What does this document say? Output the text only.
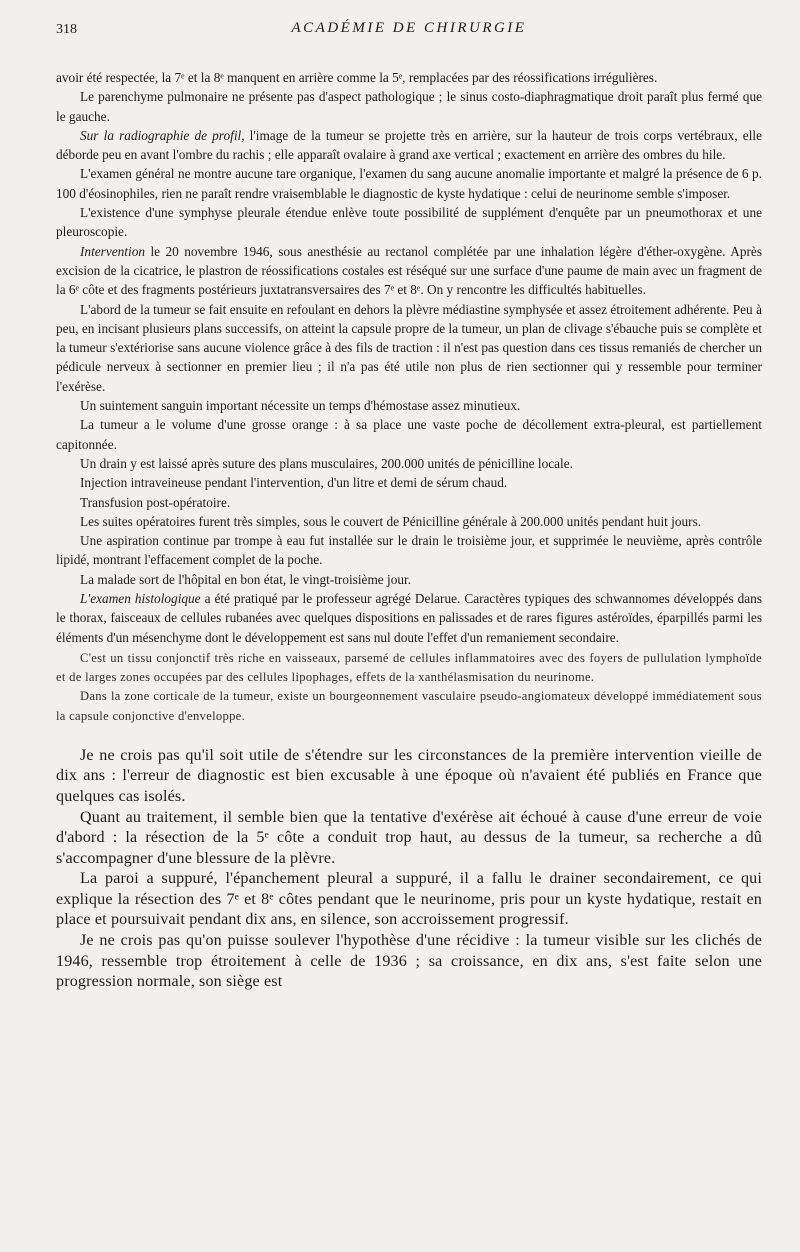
318	ACADÉMIE DE CHIRURGIE

avoir été respectée, la 7ᵉ et la 8ᵉ manquent en arrière comme la 5ᵉ, remplacées par des réossifications irrégulières.

Le parenchyme pulmonaire ne présente pas d'aspect pathologique ; le sinus costo-diaphragmatique droit paraît plus fermé que le gauche.

Sur la radiographie de profil, l'image de la tumeur se projette très en arrière, sur la hauteur de trois corps vertébraux, elle déborde peu en avant l'ombre du rachis ; elle apparaît ovalaire à grand axe vertical ; exactement en arrière des ombres du hile.

L'examen général ne montre aucune tare organique, l'examen du sang aucune anomalie importante et malgré la présence de 6 p. 100 d'éosinophiles, rien ne paraît rendre vraisemblable le diagnostic de kyste hydatique : celui de neurinome semble s'imposer.

L'existence d'une symphyse pleurale étendue enlève toute possibilité de supplément d'enquête par un pneumothorax et une pleuroscopie.

Intervention le 20 novembre 1946, sous anesthésie au rectanol complétée par une inhalation légère d'éther-oxygène. Après excision de la cicatrice, le plastron de réossifications costales est réséqué sur une surface d'une paume de main avec un fragment de la 6ᵉ côte et des fragments postérieurs juxtatransversaires des 7ᵉ et 8ᵉ. On y rencontre les difficultés habituelles.

L'abord de la tumeur se fait ensuite en refoulant en dehors la plèvre médiastine symphysée et assez étroitement adhérente. Peu à peu, en incisant plusieurs plans successifs, on atteint la capsule propre de la tumeur, un plan de clivage s'ébauche puis se complète et la tumeur s'extériorise sans aucune violence grâce à des fils de traction : il n'est pas question dans ces tissus remaniés de chercher un pédicule nerveux à sectionner en premier lieu ; il n'a pas été utile non plus de rien sectionner qui y ressemble pour terminer l'exérèse.

Un suintement sanguin important nécessite un temps d'hémostase assez minutieux.

La tumeur a le volume d'une grosse orange : à sa place une vaste poche de décollement extra-pleural, est partiellement capitonnée.

Un drain y est laissé après suture des plans musculaires, 200.000 unités de pénicilline locale.

Injection intraveineuse pendant l'intervention, d'un litre et demi de sérum chaud.

Transfusion post-opératoire.

Les suites opératoires furent très simples, sous le couvert de Pénicilline générale à 200.000 unités pendant huit jours.

Une aspiration continue par trompe à eau fut installée sur le drain le troisième jour, et supprimée le neuvième, après contrôle lipidé, montrant l'effacement complet de la poche.

La malade sort de l'hôpital en bon état, le vingt-troisième jour.

L'examen histologique a été pratiqué par le professeur agrégé Delarue. Caractères typiques des schwannomes développés dans le thorax, faisceaux de cellules rubanées avec quelques dispositions en palissades et de rares figures astéroïdes, éparpillés parmi les éléments d'un mésenchyme dont le développement est sans nul doute l'effet d'un remaniement secondaire.

C'est un tissu conjonctif très riche en vaisseaux, parsemé de cellules inflammatoires avec des foyers de pullulation lymphoïde et de larges zones occupées par des cellules lipophages, effets de la xanthélasmisation du neurinome.

Dans la zone corticale de la tumeur, existe un bourgeonnement vasculaire pseudo-angiomateux développé immédiatement sous la capsule conjonctive d'enveloppe.

Je ne crois pas qu'il soit utile de s'étendre sur les circonstances de la première intervention vieille de dix ans : l'erreur de diagnostic est bien excusable à une époque où n'avaient été publiés en France que quelques cas isolés.

Quant au traitement, il semble bien que la tentative d'exérèse ait échoué à cause d'une erreur de voie d'abord : la résection de la 5ᵉ côte a conduit trop haut, au dessus de la tumeur, sa recherche a dû s'accompagner d'une blessure de la plèvre.

La paroi a suppuré, l'épanchement pleural a suppuré, il a fallu le drainer secondairement, ce qui explique la résection des 7ᵉ et 8ᵉ côtes pendant que le neurinome, pris pour un kyste hydatique, restait en place et poursuivait pendant dix ans, en silence, son accroissement progressif.

Je ne crois pas qu'on puisse soulever l'hypothèse d'une récidive : la tumeur visible sur les clichés de 1946, ressemble trop étroitement à celle de 1936 ; sa croissance, en dix ans, s'est faite selon une progression normale, son siège est
